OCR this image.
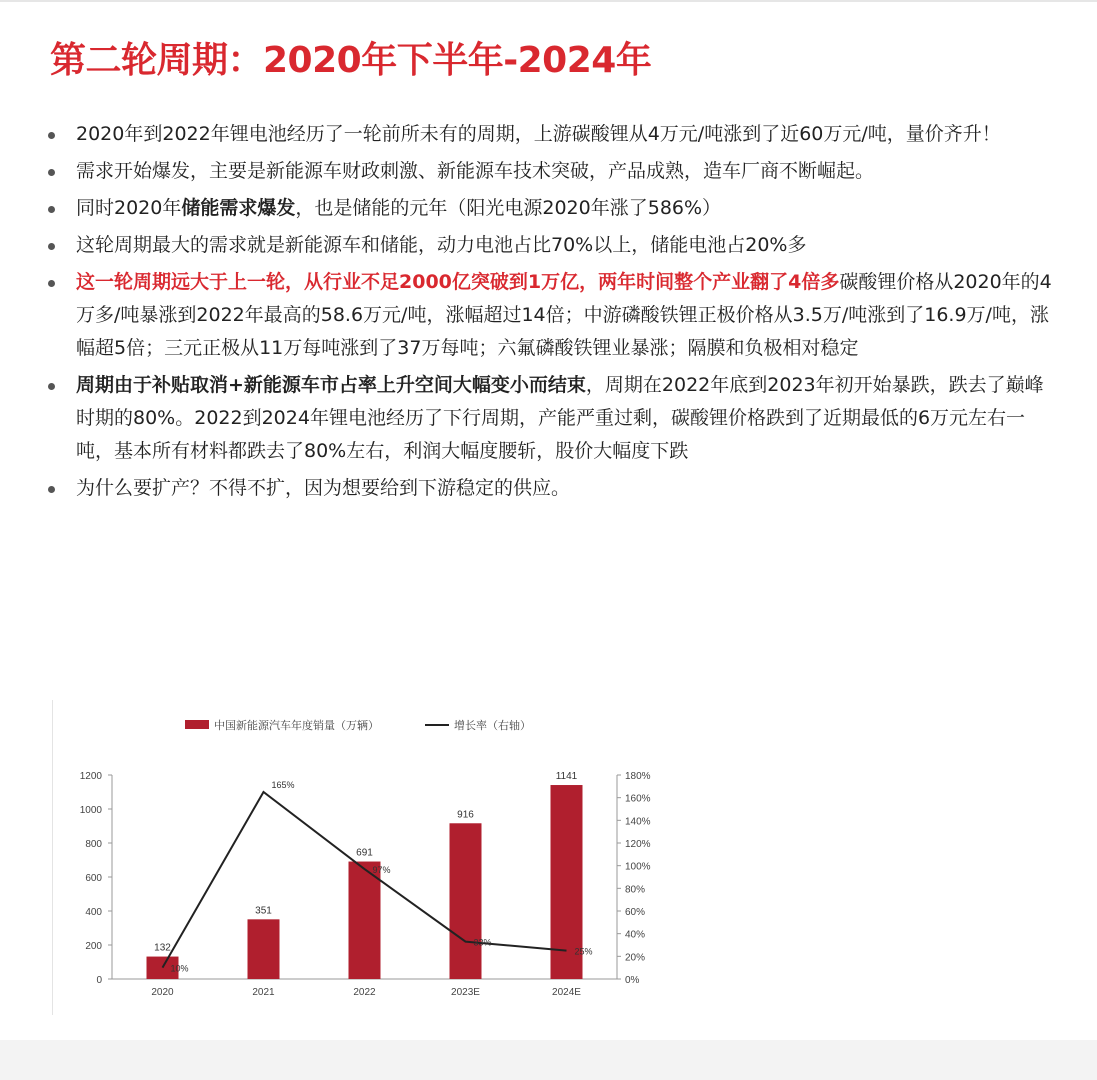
第二轮周期：2020年下半年-2024年
2020年到2022年锂电池经历了一轮前所未有的周期，上游碳酸锂从4万元/吨涨到了近60万元/吨，量价齐升！
需求开始爆发，主要是新能源车财政刺激、新能源车技术突破，产品成熟，造车厂商不断崛起。
同时2020年储能需求爆发，也是储能的元年（阳光电源2020年涨了586%）
这轮周期最大的需求就是新能源车和储能，动力电池占比70%以上，储能电池占20%多
这一轮周期远大于上一轮，从行业不足2000亿突破到1万亿，两年时间整个产业翻了4倍多碳酸锂价格从2020年的4万多/吨暴涨到2022年最高的58.6万元/吨，涨幅超过14倍；中游磷酸铁锂正极价格从3.5万/吨涨到了16.9万/吨，涨幅超5倍；三元正极从11万每吨涨到了37万每吨；六氟磷酸铁锂业暴涨；隔膜和负极相对稳定
周期由于补贴取消+新能源车市占率上升空间大幅变小而结束，周期在2022年底到2023年初开始暴跌，跌去了巅峰时期的80%。2022到2024年锂电池经历了下行周期，产能严重过剩，碳酸锂价格跌到了近期最低的6万元左右一吨，基本所有材料都跌去了80%左右，利润大幅度腰斩，股价大幅度下跌
为什么要扩产？不得不扩，因为想要给到下游稳定的供应。
中国新能源汽车年度销量（万辆）	增长率（右轴）
0
200
400
600
800
1000
1200
0%
20%
40%
60%
80%
100%
120%
140%
160%
180%
132
2020
351
2021
691
2022
916
2023E
1141
2024E
10%
165%
97%
33%
25%
